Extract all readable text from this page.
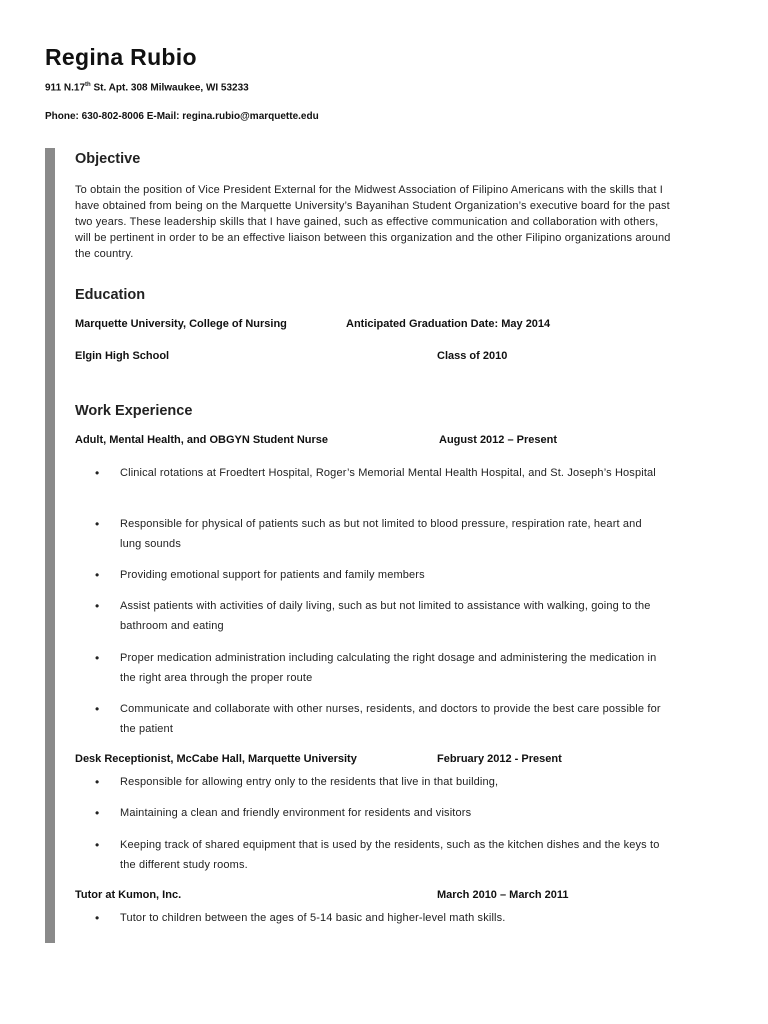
Regina Rubio
911 N.17th St. Apt. 308 Milwaukee, WI 53233
Phone: 630-802-8006 E-Mail: regina.rubio@marquette.edu
Objective
To obtain the position of Vice President External for the Midwest Association of Filipino Americans with the skills that I have obtained from being on the Marquette University’s Bayanihan Student Organization’s executive board for the past two years. These leadership skills that I have gained, such as effective communication and collaboration with others, will be pertinent in order to be an effective liaison between this organization and the other Filipino organizations around the country.
Education
Marquette University, College of Nursing	Anticipated Graduation Date: May 2014
Elgin High School	Class of 2010
Work Experience
Adult, Mental Health, and OBGYN Student Nurse	August 2012 – Present
• Clinical rotations at Froedtert Hospital, Roger’s Memorial Mental Health Hospital, and St. Joseph’s Hospital
• Responsible for physical of patients such as but not limited to blood pressure, respiration rate, heart and lung sounds
• Providing emotional support for patients and family members
• Assist patients with activities of daily living, such as but not limited to assistance with walking, going to the bathroom and eating
• Proper medication administration including calculating the right dosage and administering the medication in the right area through the proper route
• Communicate and collaborate with other nurses, residents, and doctors to provide the best care possible for the patient
Desk Receptionist, McCabe Hall, Marquette University	February 2012 - Present
• Responsible for allowing entry only to the residents that live in that building,
• Maintaining a clean and friendly environment for residents and visitors
• Keeping track of shared equipment that is used by the residents, such as the kitchen dishes and the keys to the different study rooms.
Tutor at Kumon, Inc.	March 2010 – March 2011
• Tutor to children between the ages of 5-14 basic and higher-level math skills.
